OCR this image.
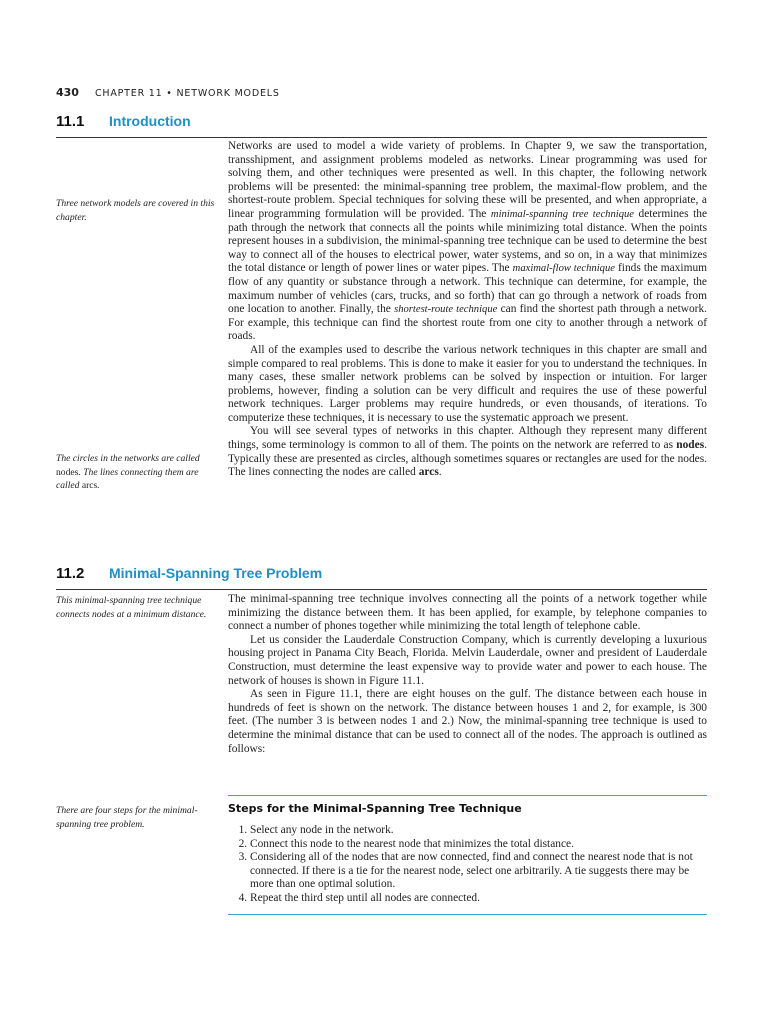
430 CHAPTER 11 • NETWORK MODELS
11.1 Introduction
Three network models are covered in this chapter.
The circles in the networks are called nodes. The lines connecting them are called arcs.

Networks are used to model a wide variety of problems. In Chapter 9, we saw the transportation, transshipment, and assignment problems modeled as networks. Linear programming was used for solving them, and other techniques were presented as well. In this chapter, the following network problems will be presented: the minimal-spanning tree problem, the maximal-flow problem, and the shortest-route problem. Special techniques for solving these will be presented, and when appropriate, a linear programming formulation will be provided. The minimal-spanning tree technique determines the path through the network that connects all the points while minimizing total distance. When the points represent houses in a subdivision, the minimal-spanning tree technique can be used to determine the best way to connect all of the houses to electrical power, water systems, and so on, in a way that minimizes the total distance or length of power lines or water pipes. The maximal-flow technique finds the maximum flow of any quantity or substance through a network. This technique can determine, for example, the maximum number of vehicles (cars, trucks, and so forth) that can go through a network of roads from one location to another. Finally, the shortest-route technique can find the shortest path through a network. For example, this technique can find the shortest route from one city to another through a network of roads.

All of the examples used to describe the various network techniques in this chapter are small and simple compared to real problems. This is done to make it easier for you to understand the techniques. In many cases, these smaller network problems can be solved by inspection or intuition. For larger problems, however, finding a solution can be very difficult and requires the use of these powerful network techniques. Larger problems may require hundreds, or even thousands, of iterations. To computerize these techniques, it is necessary to use the systematic approach we present.

You will see several types of networks in this chapter. Although they represent many different things, some terminology is common to all of them. The points on the network are referred to as nodes. Typically these are presented as circles, although sometimes squares or rectangles are used for the nodes. The lines connecting the nodes are called arcs.

11.2 Minimal-Spanning Tree Problem
This minimal-spanning tree technique connects nodes at a minimum distance.
There are four steps for the minimal-spanning tree problem.

The minimal-spanning tree technique involves connecting all the points of a network together while minimizing the distance between them. It has been applied, for example, by telephone companies to connect a number of phones together while minimizing the total length of telephone cable.

Let us consider the Lauderdale Construction Company, which is currently developing a luxurious housing project in Panama City Beach, Florida. Melvin Lauderdale, owner and president of Lauderdale Construction, must determine the least expensive way to provide water and power to each house. The network of houses is shown in Figure 11.1.

As seen in Figure 11.1, there are eight houses on the gulf. The distance between each house in hundreds of feet is shown on the network. The distance between houses 1 and 2, for example, is 300 feet. (The number 3 is between nodes 1 and 2.) Now, the minimal-spanning tree technique is used to determine the minimal distance that can be used to connect all of the nodes. The approach is outlined as follows:

Steps for the Minimal-Spanning Tree Technique
1. Select any node in the network.
2. Connect this node to the nearest node that minimizes the total distance.
3. Considering all of the nodes that are now connected, find and connect the nearest node that is not connected. If there is a tie for the nearest node, select one arbitrarily. A tie suggests there may be more than one optimal solution.
4. Repeat the third step until all nodes are connected.
